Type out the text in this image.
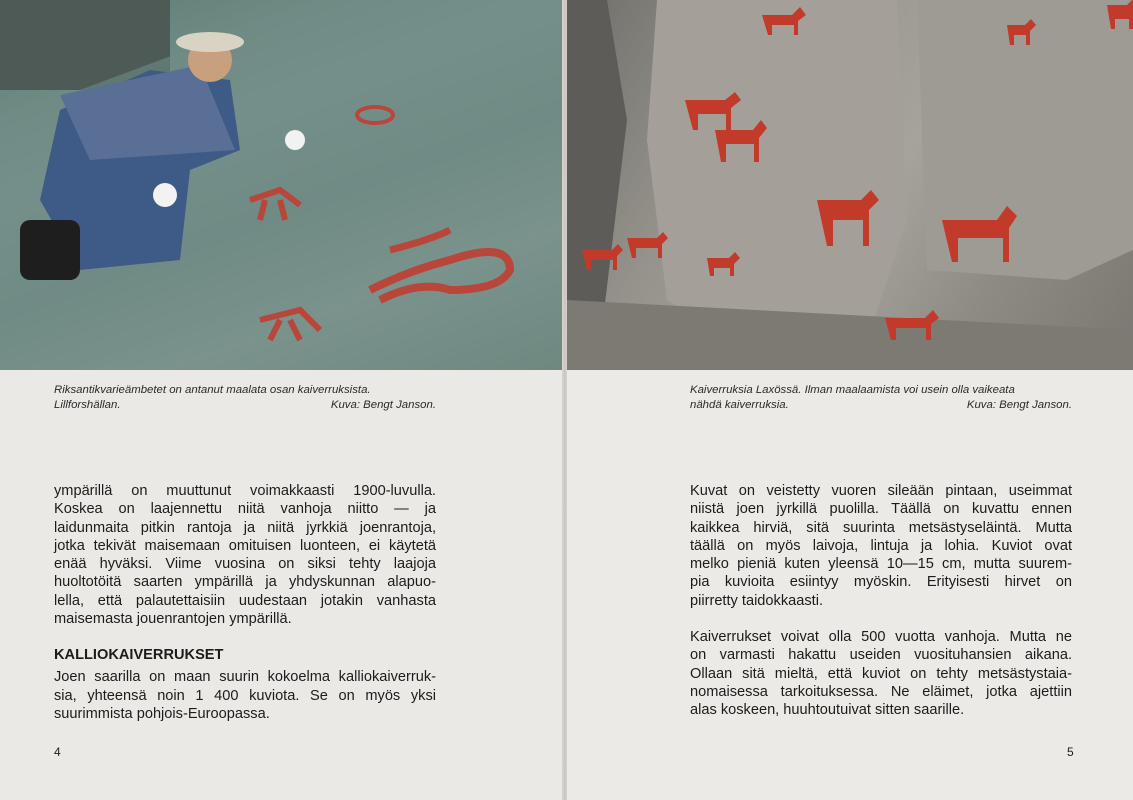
Riksantikvarieämbetet on antanut maalata osan kaiverruksista.
Lillforshällan.	Kuva: Bengt Janson.
ympärillä on muuttunut voimakkaasti 1900-luvulla.
Koskea on laajennettu niitä vanhoja niitto — ja
laidunmaita pitkin rantoja ja niitä jyrkkiä joenrantoja,
jotka tekivät maisemaan omituisen luonteen, ei käytetä
enää hyväksi. Viime vuosina on siksi tehty laajoja
huoltotöitä saarten ympärillä ja yhdyskunnan alapuo-
lella, että palautettaisiin uudestaan jotakin vanhasta
maisemasta jouenrantojen ympärillä.
KALLIOKAIVERRUKSET
Joen saarilla on maan suurin kokoelma kalliokaiverruk-
sia, yhteensä noin 1 400 kuviota. Se on myös yksi
suurimmista pohjois-Euroopassa.
4
Kaiverruksia Laxössä. Ilman maalaamista voi usein olla vaikeata
nähdä kaiverruksia.	Kuva: Bengt Janson.
Kuvat on veistetty vuoren sileään pintaan, useimmat
niistä joen jyrkillä puolilla. Täällä on kuvattu ennen
kaikkea hirviä, sitä suurinta metsästyseläintä. Mutta
täällä on myös laivoja, lintuja ja lohia. Kuviot ovat
melko pieniä kuten yleensä 10—15 cm, mutta suurem-
pia kuvioita esiintyy myöskin. Erityisesti hirvet on
piirretty taidokkaasti.
Kaiverrukset voivat olla 500 vuotta vanhoja. Mutta ne
on varmasti hakattu useiden vuosituhansien aikana.
Ollaan sitä mieltä, että kuviot on tehty metsästystaia-
nomaisessa tarkoituksessa. Ne eläimet, jotka ajettiin
alas koskeen, huuhtoutuivat sitten saarille.
5
